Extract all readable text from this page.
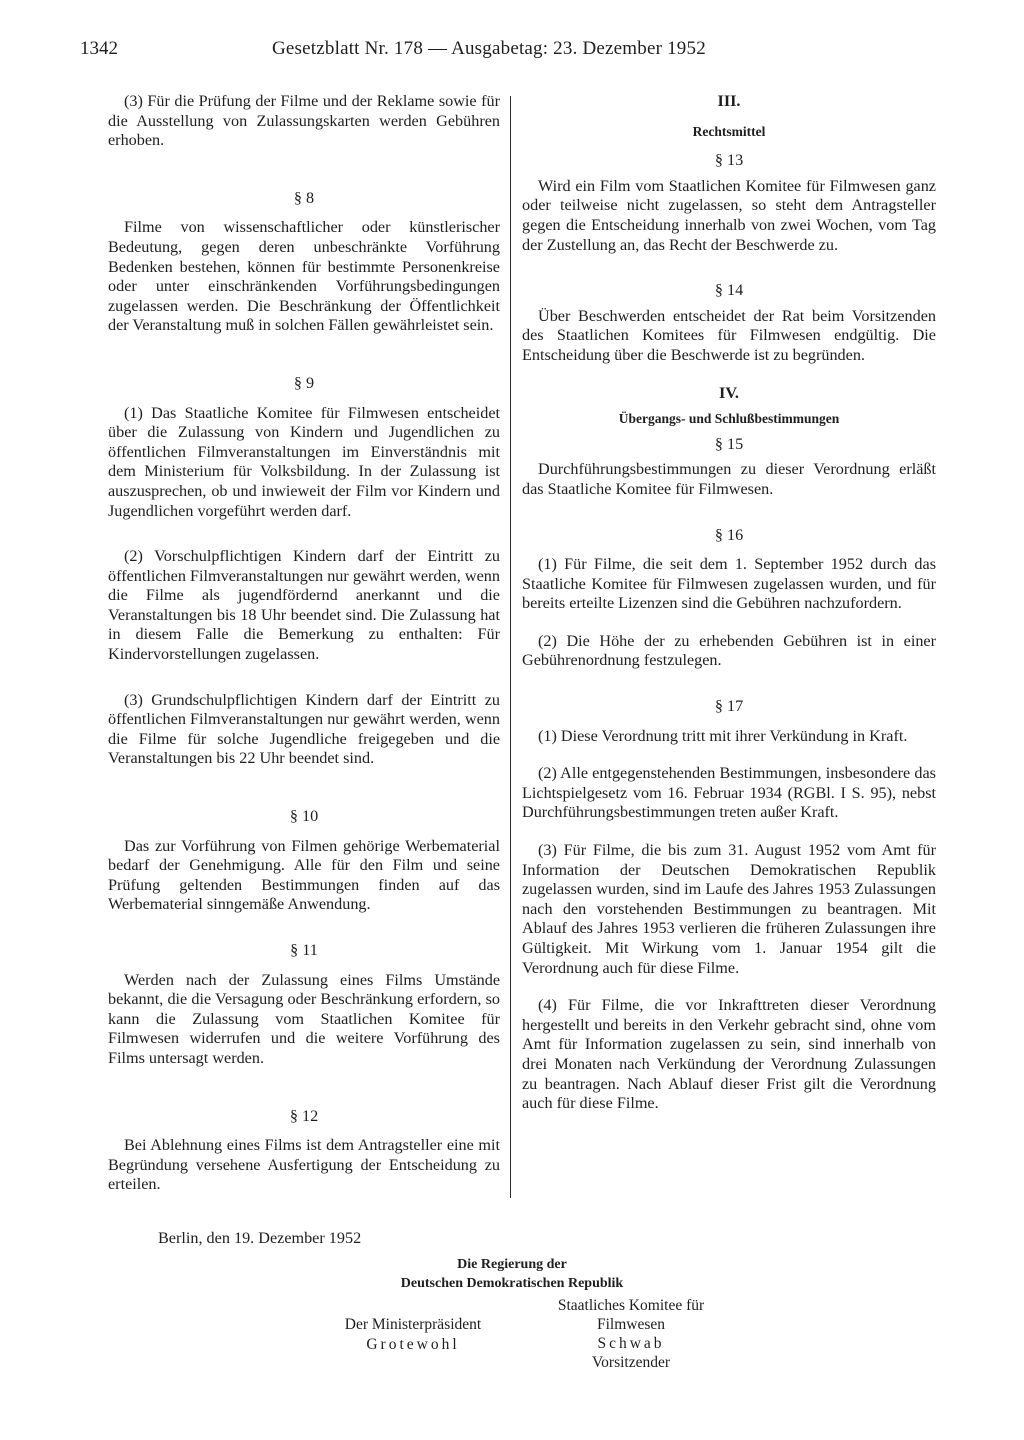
1342	Gesetzblatt Nr. 178 — Ausgabetag: 23. Dezember 1952

(3) Für die Prüfung der Filme und der Reklame sowie für die Ausstellung von Zulassungskarten werden Gebühren erhoben.

§ 8

Filme von wissenschaftlicher oder künstlerischer Bedeutung, gegen deren unbeschränkte Vorführung Bedenken bestehen, können für bestimmte Personenkreise oder unter einschränkenden Vorführungsbedingungen zugelassen werden. Die Beschränkung der Öffentlichkeit der Veranstaltung muß in solchen Fällen gewährleistet sein.

§ 9

(1) Das Staatliche Komitee für Filmwesen entscheidet über die Zulassung von Kindern und Jugendlichen zu öffentlichen Filmveranstaltungen im Einverständnis mit dem Ministerium für Volksbildung. In der Zulassung ist auszusprechen, ob und inwieweit der Film vor Kindern und Jugendlichen vorgeführt werden darf.

(2) Vorschulpflichtigen Kindern darf der Eintritt zu öffentlichen Filmveranstaltungen nur gewährt werden, wenn die Filme als jugendfördernd anerkannt und die Veranstaltungen bis 18 Uhr beendet sind. Die Zulassung hat in diesem Falle die Bemerkung zu enthalten: Für Kindervorstellungen zugelassen.

(3) Grundschulpflichtigen Kindern darf der Eintritt zu öffentlichen Filmveranstaltungen nur gewährt werden, wenn die Filme für solche Jugendliche freigegeben und die Veranstaltungen bis 22 Uhr beendet sind.

§ 10

Das zur Vorführung von Filmen gehörige Werbematerial bedarf der Genehmigung. Alle für den Film und seine Prüfung geltenden Bestimmungen finden auf das Werbematerial sinngemäße Anwendung.

§ 11

Werden nach der Zulassung eines Films Umstände bekannt, die die Versagung oder Beschränkung erfordern, so kann die Zulassung vom Staatlichen Komitee für Filmwesen widerrufen und die weitere Vorführung des Films untersagt werden.

§ 12

Bei Ablehnung eines Films ist dem Antragsteller eine mit Begründung versehene Ausfertigung der Entscheidung zu erteilen.

III.
Rechtsmittel
§ 13

Wird ein Film vom Staatlichen Komitee für Filmwesen ganz oder teilweise nicht zugelassen, so steht dem Antragsteller gegen die Entscheidung innerhalb von zwei Wochen, vom Tag der Zustellung an, das Recht der Beschwerde zu.

§ 14

Über Beschwerden entscheidet der Rat beim Vorsitzenden des Staatlichen Komitees für Filmwesen endgültig. Die Entscheidung über die Beschwerde ist zu begründen.

IV.
Übergangs- und Schlußbestimmungen
§ 15

Durchführungsbestimmungen zu dieser Verordnung erläßt das Staatliche Komitee für Filmwesen.

§ 16

(1) Für Filme, die seit dem 1. September 1952 durch das Staatliche Komitee für Filmwesen zugelassen wurden, und für bereits erteilte Lizenzen sind die Gebühren nachzufordern.

(2) Die Höhe der zu erhebenden Gebühren ist in einer Gebührenordnung festzulegen.

§ 17

(1) Diese Verordnung tritt mit ihrer Verkündung in Kraft.

(2) Alle entgegenstehenden Bestimmungen, insbesondere das Lichtspielgesetz vom 16. Februar 1934 (RGBl. I S. 95), nebst Durchführungsbestimmungen treten außer Kraft.

(3) Für Filme, die bis zum 31. August 1952 vom Amt für Information der Deutschen Demokratischen Republik zugelassen wurden, sind im Laufe des Jahres 1953 Zulassungen nach den vorstehenden Bestimmungen zu beantragen. Mit Ablauf des Jahres 1953 verlieren die früheren Zulassungen ihre Gültigkeit. Mit Wirkung vom 1. Januar 1954 gilt die Verordnung auch für diese Filme.

(4) Für Filme, die vor Inkrafttreten dieser Verordnung hergestellt und bereits in den Verkehr gebracht sind, ohne vom Amt für Information zugelassen zu sein, sind innerhalb von drei Monaten nach Verkündung der Verordnung Zulassungen zu beantragen. Nach Ablauf dieser Frist gilt die Verordnung auch für diese Filme.

Berlin, den 19. Dezember 1952
Die Regierung der
Deutschen Demokratischen Republik
Der Ministerpräsident
Grotewohl
Staatliches Komitee für
Filmwesen
Schwab
Vorsitzender
